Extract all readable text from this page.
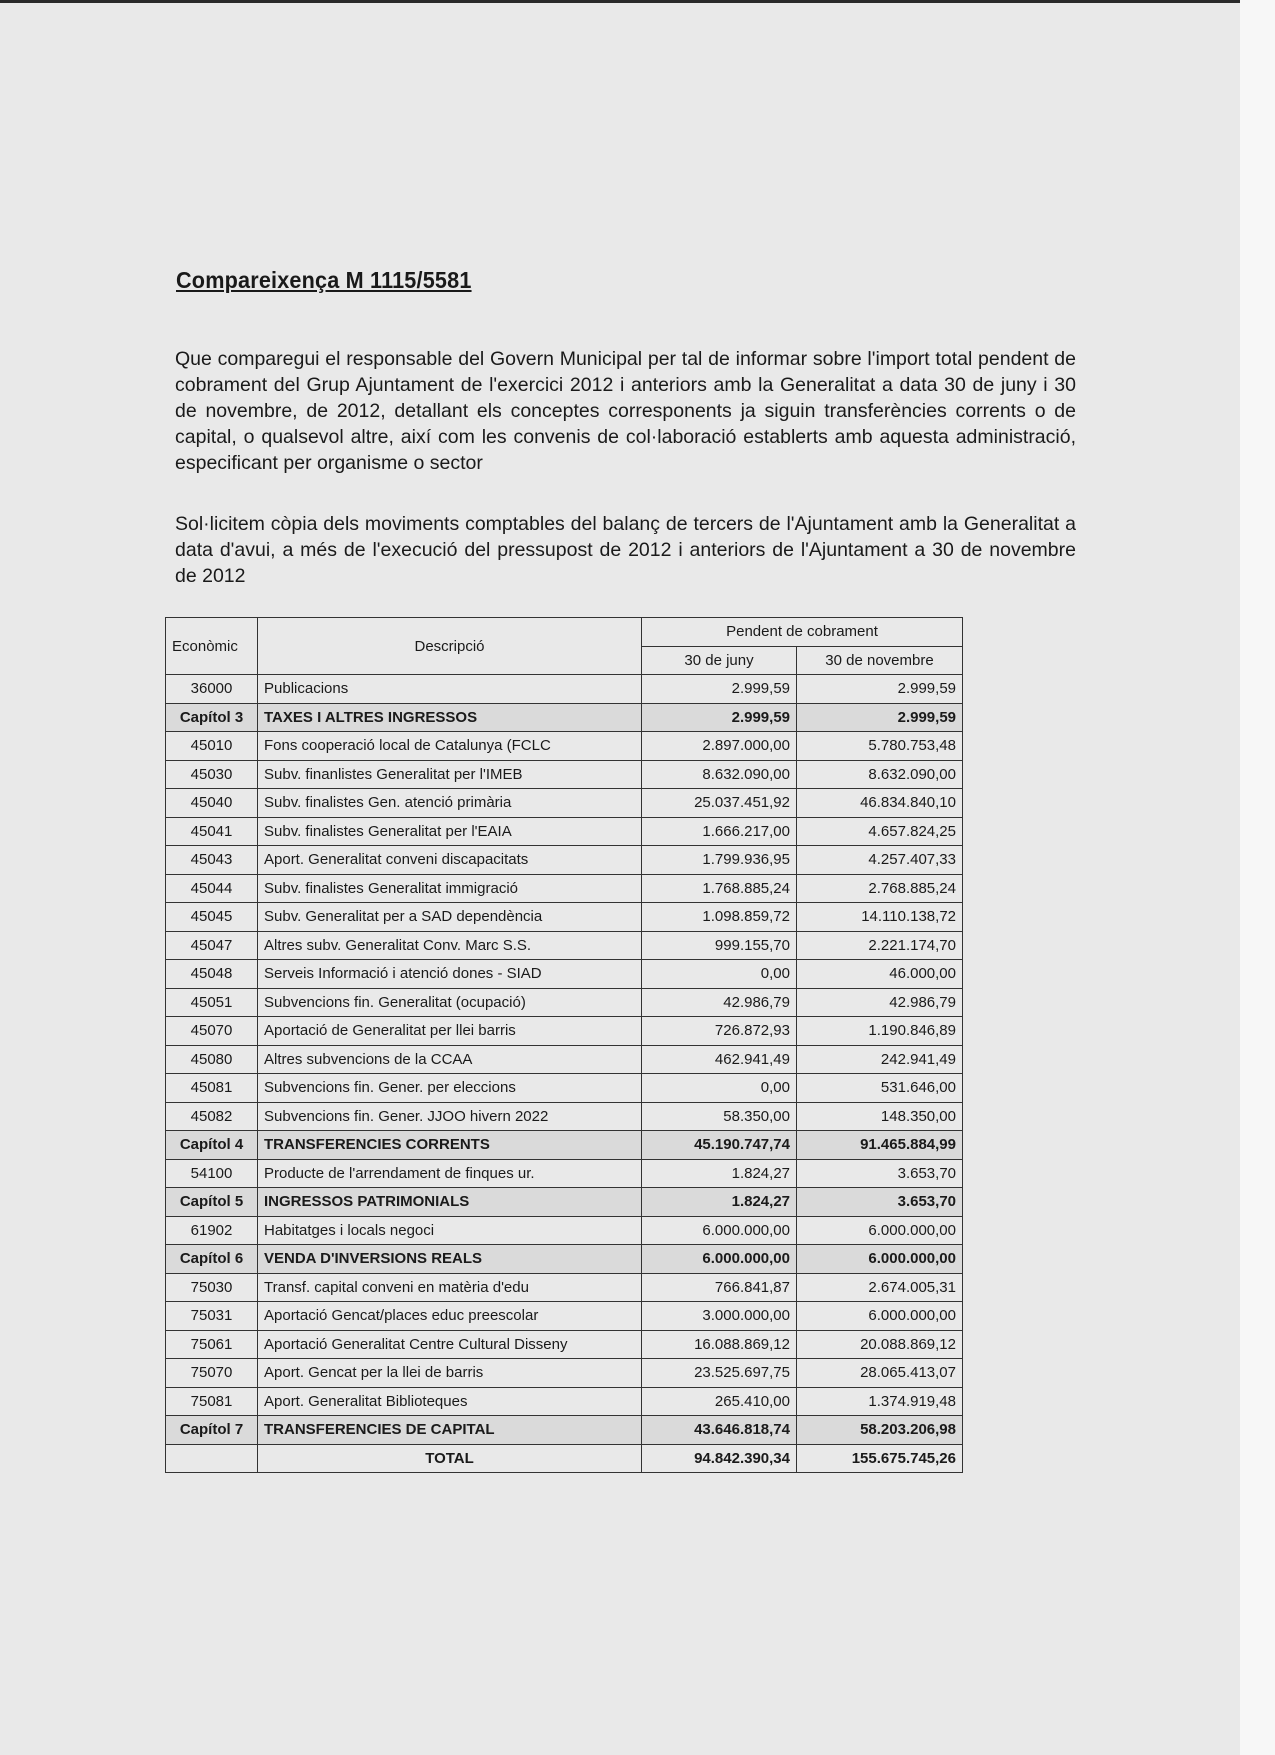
Compareixença M 1115/5581

Que comparegui el responsable del Govern Municipal per tal de informar sobre l'import total pendent de cobrament del Grup Ajuntament de l'exercici 2012 i anteriors amb la Generalitat a data 30 de juny i 30 de novembre, de 2012, detallant els conceptes corresponents ja siguin transferències corrents o de capital, o qualsevol altre, així com les convenis de col·laboració establerts amb aquesta administració, especificant per organisme o sector

Sol·licitem còpia dels moviments comptables del balanç de tercers de l'Ajuntament amb la Generalitat a data d'avui, a més de l'execució del pressupost de 2012 i anteriors de l'Ajuntament a 30 de novembre de 2012

Econòmic	Descripció	Pendent de cobrament	
		30 de juny	30 de novembre
36000	Publicacions	2.999,59	2.999,59
Capítol 3	TAXES I ALTRES INGRESSOS	2.999,59	2.999,59
45010	Fons cooperació local de Catalunya (FCLC	2.897.000,00	5.780.753,48
45030	Subv. finanlistes Generalitat per l'IMEB	8.632.090,00	8.632.090,00
45040	Subv. finalistes Gen. atenció primària	25.037.451,92	46.834.840,10
45041	Subv. finalistes Generalitat per l'EAIA	1.666.217,00	4.657.824,25
45043	Aport. Generalitat conveni discapacitats	1.799.936,95	4.257.407,33
45044	Subv. finalistes Generalitat immigració	1.768.885,24	2.768.885,24
45045	Subv. Generalitat per a SAD dependència	1.098.859,72	14.110.138,72
45047	Altres subv. Generalitat Conv. Marc S.S.	999.155,70	2.221.174,70
45048	Serveis Informació i atenció dones - SIAD	0,00	46.000,00
45051	Subvencions fin. Generalitat (ocupació)	42.986,79	42.986,79
45070	Aportació de Generalitat per llei barris	726.872,93	1.190.846,89
45080	Altres subvencions de la CCAA	462.941,49	242.941,49
45081	Subvencions fin. Gener. per eleccions	0,00	531.646,00
45082	Subvencions fin. Gener. JJOO hivern 2022	58.350,00	148.350,00
Capítol 4	TRANSFERENCIES CORRENTS	45.190.747,74	91.465.884,99
54100	Producte de l'arrendament de finques ur.	1.824,27	3.653,70
Capítol 5	INGRESSOS PATRIMONIALS	1.824,27	3.653,70
61902	Habitatges i locals negoci	6.000.000,00	6.000.000,00
Capítol 6	VENDA D'INVERSIONS REALS	6.000.000,00	6.000.000,00
75030	Transf. capital conveni en matèria d'edu	766.841,87	2.674.005,31
75031	Aportació Gencat/places educ preescolar	3.000.000,00	6.000.000,00
75061	Aportació Generalitat Centre Cultural Disseny	16.088.869,12	20.088.869,12
75070	Aport. Gencat per la llei de barris	23.525.697,75	28.065.413,07
75081	Aport. Generalitat Biblioteques	265.410,00	1.374.919,48
Capítol 7	TRANSFERENCIES DE CAPITAL	43.646.818,74	58.203.206,98
	TOTAL	94.842.390,34	155.675.745,26
